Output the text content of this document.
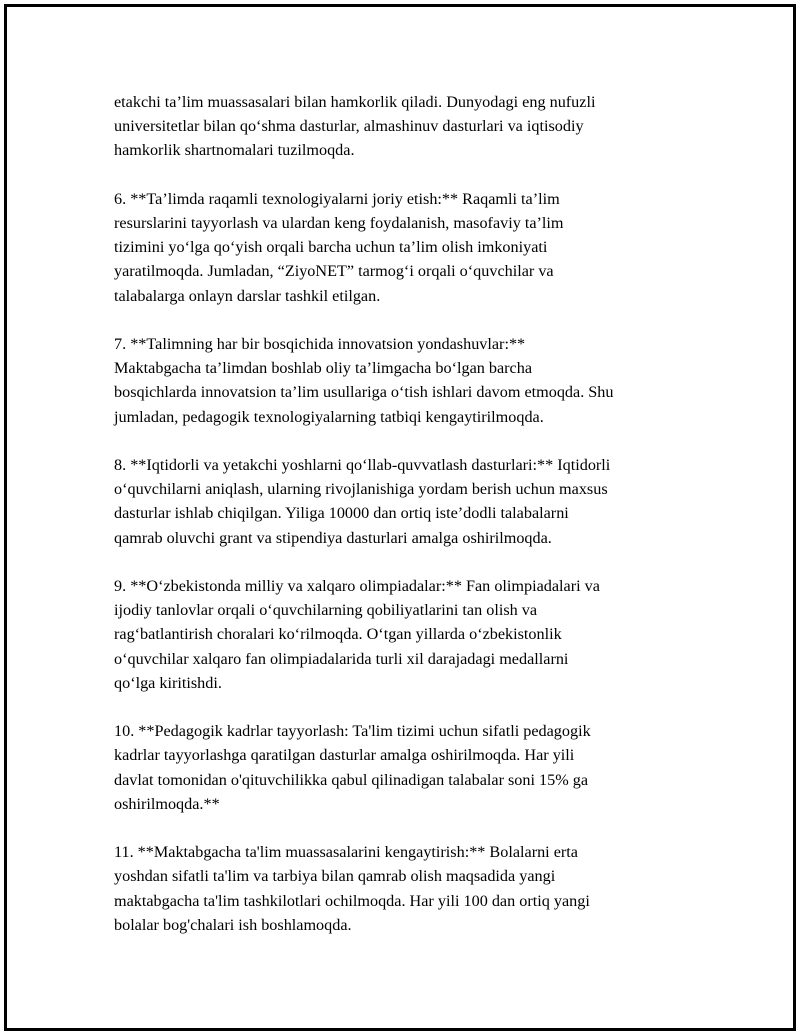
etakchi ta’lim muassasalari bilan hamkorlik qiladi. Dunyodagi eng nufuzli
universitetlar bilan qo‘shma dasturlar, almashinuv dasturlari va iqtisodiy
hamkorlik shartnomalari tuzilmoqda.

6. **Ta’limda raqamli texnologiyalarni joriy etish:** Raqamli ta’lim
resurslarini tayyorlash va ulardan keng foydalanish, masofaviy ta’lim
tizimini yo‘lga qo‘yish orqali barcha uchun ta’lim olish imkoniyati
yaratilmoqda. Jumladan, “ZiyoNET” tarmog‘i orqali o‘quvchilar va
talabalarga onlayn darslar tashkil etilgan.

7. **Talimning har bir bosqichida innovatsion yondashuvlar:**
Maktabgacha ta’limdan boshlab oliy ta’limgacha bo‘lgan barcha
bosqichlarda innovatsion ta’lim usullariga o‘tish ishlari davom etmoqda. Shu
jumladan, pedagogik texnologiyalarning tatbiqi kengaytirilmoqda.

8. **Iqtidorli va yetakchi yoshlarni qo‘llab-quvvatlash dasturlari:** Iqtidorli
o‘quvchilarni aniqlash, ularning rivojlanishiga yordam berish uchun maxsus
dasturlar ishlab chiqilgan. Yiliga 10000 dan ortiq iste’dodli talabalarni
qamrab oluvchi grant va stipendiya dasturlari amalga oshirilmoqda.

9. **O‘zbekistonda milliy va xalqaro olimpiadalar:** Fan olimpiadalari va
ijodiy tanlovlar orqali o‘quvchilarning qobiliyatlarini tan olish va
rag‘batlantirish choralari ko‘rilmoqda. O‘tgan yillarda o‘zbekistonlik
o‘quvchilar xalqaro fan olimpiadalarida turli xil darajadagi medallarni
qo‘lga kiritishdi.

10. **Pedagogik kadrlar tayyorlash: Ta'lim tizimi uchun sifatli pedagogik
kadrlar tayyorlashga qaratilgan dasturlar amalga oshirilmoqda. Har yili
davlat tomonidan o'qituvchilikka qabul qilinadigan talabalar soni 15% ga
oshirilmoqda.**

11. **Maktabgacha ta'lim muassasalarini kengaytirish:** Bolalarni erta
yoshdan sifatli ta'lim va tarbiya bilan qamrab olish maqsadida yangi
maktabgacha ta'lim tashkilotlari ochilmoqda. Har yili 100 dan ortiq yangi
bolalar bog'chalari ish boshlamoqda.
